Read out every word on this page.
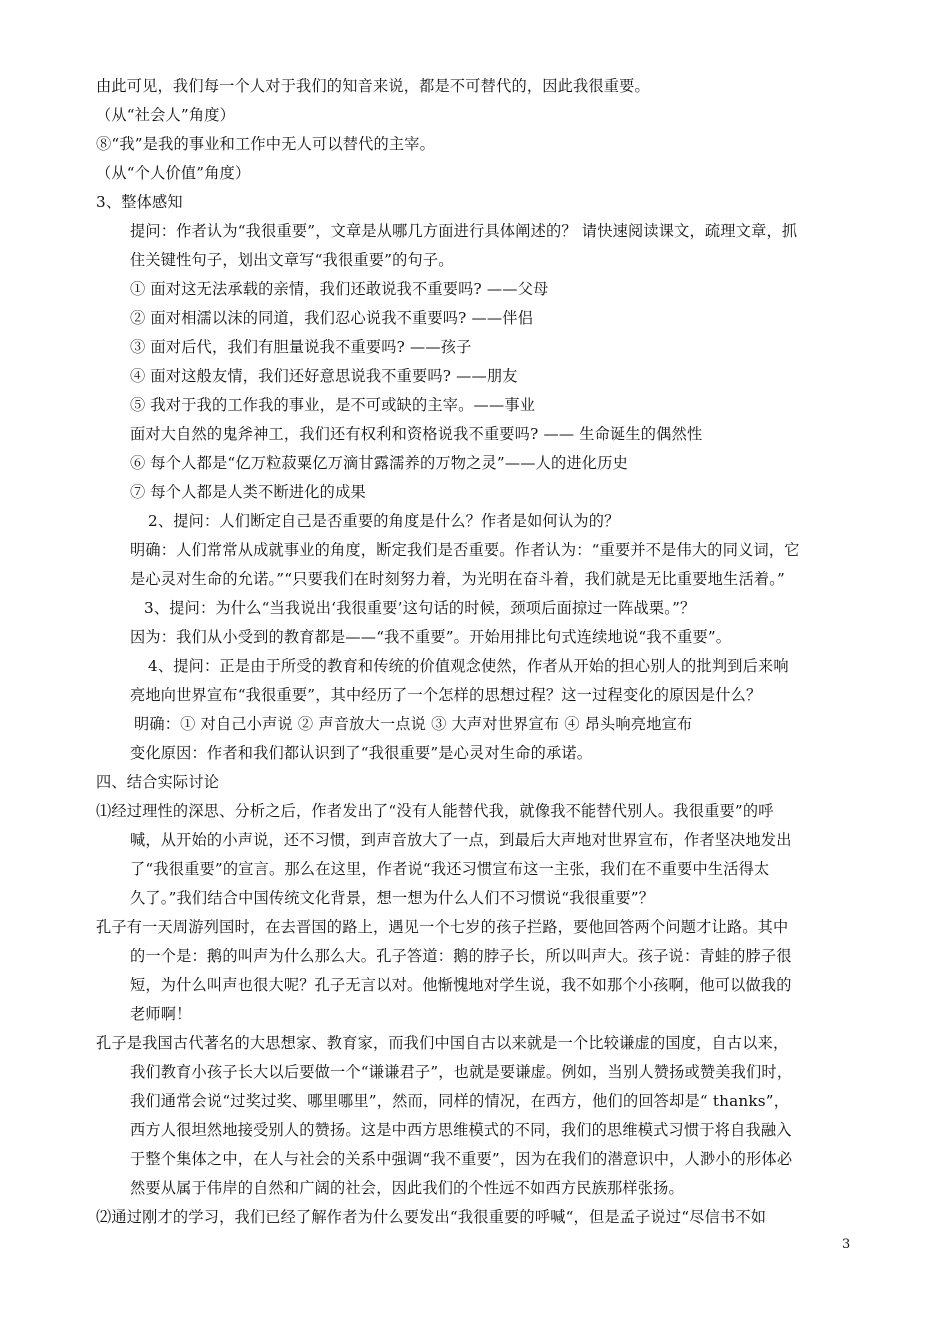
由此可见，我们每一个人对于我们的知音来说，都是不可替代的，因此我很重要。
（从“社会人”角度）
⑧“我”是我的事业和工作中无人可以替代的主宰。
（从“个人价值”角度）
3、整体感知
提问：作者认为“我很重要”，文章是从哪几方面进行具体阐述的？ 请快速阅读课文，疏理文章，抓
住关键性句子，划出文章写“我很重要”的句子。
① 面对这无法承载的亲情，我们还敢说我不重要吗? ——父母
② 面对相濡以沫的同道，我们忍心说我不重要吗? ——伴侣
③ 面对后代，我们有胆量说我不重要吗? ——孩子
④ 面对这般友情，我们还好意思说我不重要吗? ——朋友
⑤ 我对于我的工作我的事业，是不可或缺的主宰。——事业
面对大自然的鬼斧神工，我们还有权利和资格说我不重要吗? —— 生命诞生的偶然性
⑥ 每个人都是“亿万粒菽粟亿万滴甘露濡养的万物之灵”——人的进化历史
⑦ 每个人都是人类不断进化的成果
2、提问：人们断定自己是否重要的角度是什么？作者是如何认为的？
明确：人们常常从成就事业的角度，断定我们是否重要。作者认为：“重要并不是伟大的同义词，它
是心灵对生命的允诺。”“只要我们在时刻努力着，为光明在奋斗着，我们就是无比重要地生活着。”
3、提问：为什么“当我说出‘我很重要’这句话的时候，颈项后面掠过一阵战栗。”？
因为：我们从小受到的教育都是——“我不重要”。开始用排比句式连续地说“我不重要”。
4、提问：正是由于所受的教育和传统的价值观念使然，作者从开始的担心别人的批判到后来响
亮地向世界宣布“我很重要”，其中经历了一个怎样的思想过程？这一过程变化的原因是什么？
明确：① 对自己小声说 ② 声音放大一点说 ③ 大声对世界宣布 ④ 昂头响亮地宣布
变化原因：作者和我们都认识到了“我很重要”是心灵对生命的承诺。
四、结合实际讨论
⑴经过理性的深思、分析之后，作者发出了“没有人能替代我，就像我不能替代别人。我很重要”的呼
喊，从开始的小声说，还不习惯，到声音放大了一点，到最后大声地对世界宣布，作者坚决地发出
了“我很重要”的宣言。那么在这里，作者说“我还习惯宣布这一主张，我们在不重要中生活得太
久了。”我们结合中国传统文化背景，想一想为什么人们不习惯说“我很重要”？
孔子有一天周游列国时，在去晋国的路上，遇见一个七岁的孩子拦路，要他回答两个问题才让路。其中
的一个是：鹅的叫声为什么那么大。孔子答道：鹅的脖子长，所以叫声大。孩子说：青蛙的脖子很
短，为什么叫声也很大呢？孔子无言以对。他惭愧地对学生说，我不如那个小孩啊，他可以做我的
老师啊！
孔子是我国古代著名的大思想家、教育家，而我们中国自古以来就是一个比较谦虚的国度，自古以来，
我们教育小孩子长大以后要做一个“谦谦君子”，也就是要谦虚。例如，当别人赞扬或赞美我们时，
我们通常会说“过奖过奖、哪里哪里”，然而，同样的情况，在西方，他们的回答却是“ thanks”，
西方人很坦然地接受别人的赞扬。这是中西方思维模式的不同，我们的思维模式习惯于将自我融入
于整个集体之中，在人与社会的关系中强调“我不重要”，因为在我们的潜意识中，人渺小的形体必
然要从属于伟岸的自然和广阔的社会，因此我们的个性远不如西方民族那样张扬。
⑵通过刚才的学习，我们已经了解作者为什么要发出“我很重要的呼喊“，但是孟子说过“尽信书不如
3
